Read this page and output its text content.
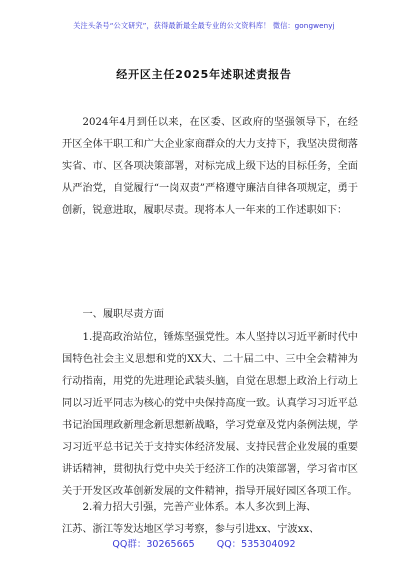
关注头条号“公文研究”，获得最新最全最专业的公文资料库！ 微信：gongwenyj
经开区主任2025年述职述责报告

2024年4月到任以来，在区委、区政府的坚强领导下，在经开区全体干职工和广大企业家商群众的大力支持下，我坚决贯彻落实省、市、区各项决策部署，对标完成上级下达的目标任务，全面从严治党，自觉履行“一岗双责”严格遵守廉洁自律各项规定，勇于创新，锐意进取，履职尽责。现将本人一年来的工作述职如下：

一、履职尽责方面

1.提高政治站位，锤炼坚强党性。本人坚持以习近平新时代中国特色社会主义思想和党的XX大、二十届二中、三中全会精神为行动指南，用党的先进理论武装头脑，自觉在思想上政治上行动上同以习近平同志为核心的党中央保持高度一致。认真学习习近平总书记治国理政新理念新思想新战略，学习党章及党内条例法规，学习习近平总书记关于支持实体经济发展、支持民营企业发展的重要讲话精神，贯彻执行党中央关于经济工作的决策部署，学习省市区关于开发区改革创新发展的文件精神，指导开展好园区各项工作。

2.着力招大引强，完善产业体系。本人多次到上海、

江苏、浙江等发达地区学习考察，参与引进xx、宁波xx、

QQ群：30265665 QQ：535304092
